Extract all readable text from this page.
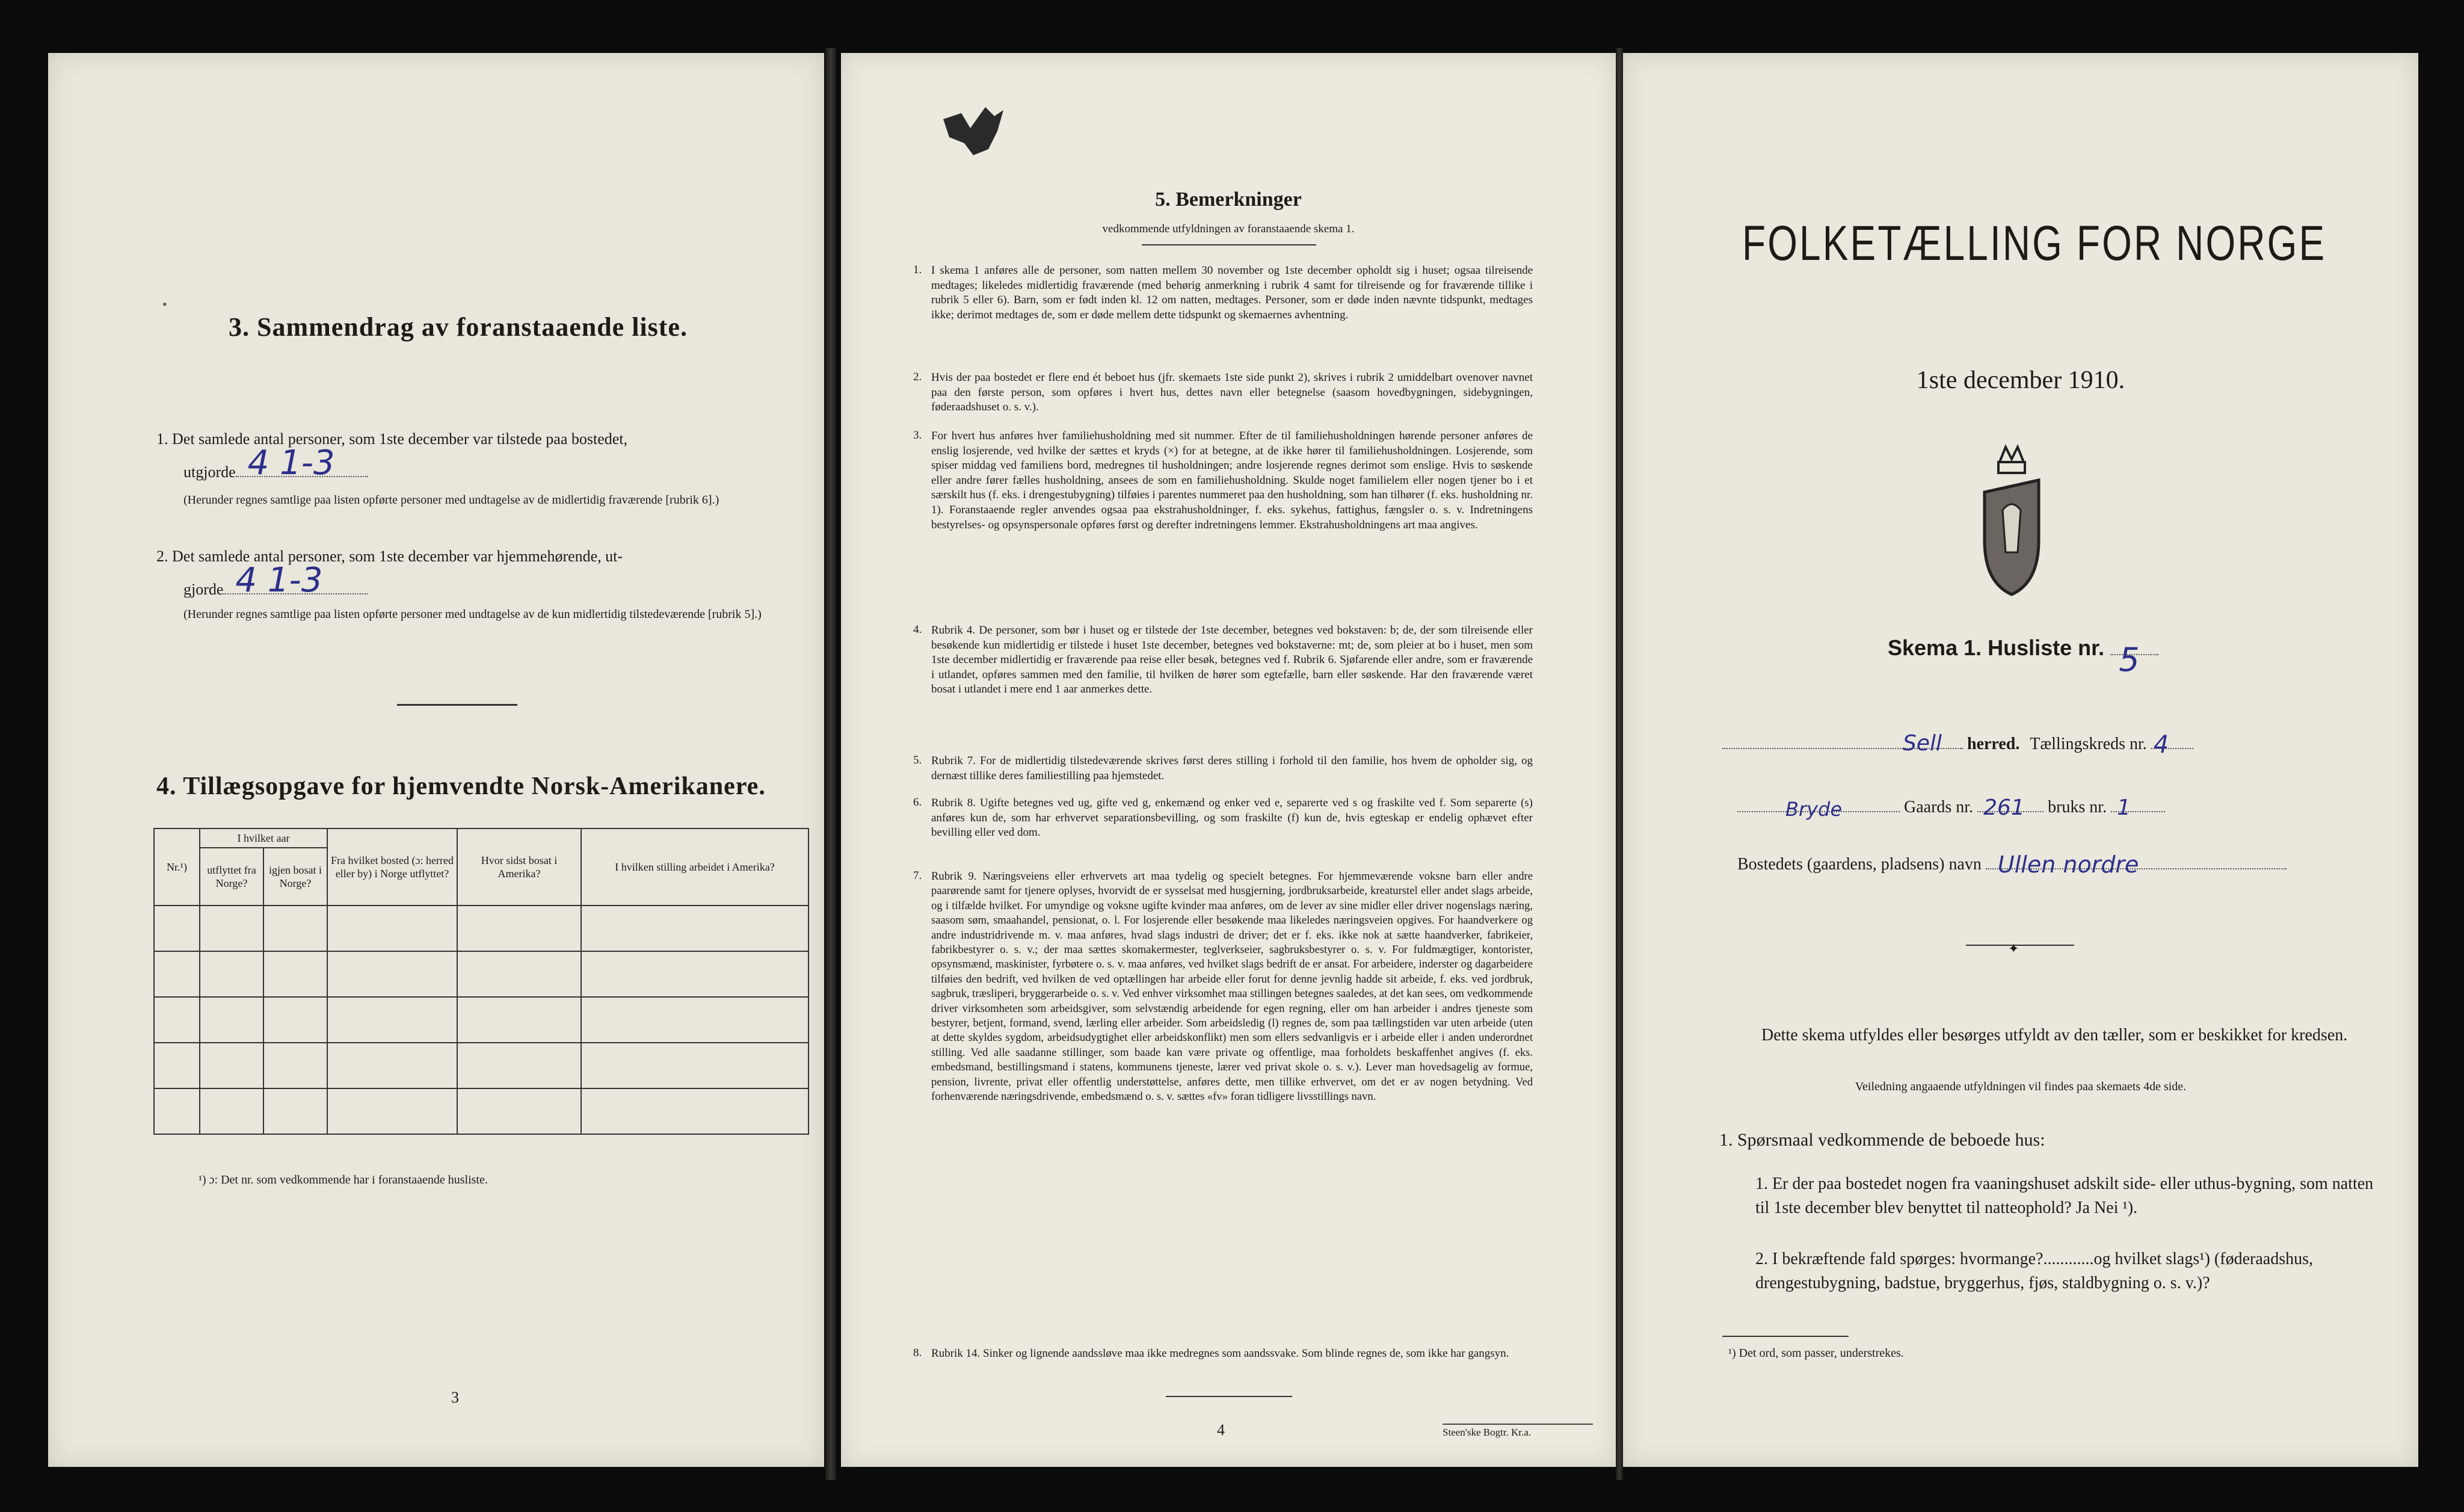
•
3. Sammendrag av foranstaaende liste.
1. Det samlede antal personer, som 1ste december var tilstede paa bostedet,
utgjorde 4 1-3
(Herunder regnes samtlige paa listen opførte personer med undtagelse av de midlertidig fraværende [rubrik 6].)
2. Det samlede antal personer, som 1ste december var hjemmehørende, ut-
gjorde 4 1-3
(Herunder regnes samtlige paa listen opførte personer med undtagelse av de kun midlertidig tilstedeværende [rubrik 5].)
4. Tillægsopgave for hjemvendte Norsk-Amerikanere.
Nr.¹)	I hvilket aar		Fra hvilket bosted (ɔ: herred eller by) i Norge utflyttet?	Hvor sidst bosat i Amerika?	I hvilken stilling arbeidet i Amerika?
	utflyttet fra Norge?	igjen bosat i Norge?			

¹) ɔ: Det nr. som vedkommende har i foranstaaende husliste.
3
5. Bemerkninger
vedkommende utfyldningen av foranstaaende skema 1.
1. I skema 1 anføres alle de personer, som natten mellem 30 november og 1ste december opholdt sig i huset; ogsaa tilreisende medtages; likeledes midlertidig fraværende (med behørig anmerkning i rubrik 4 samt for tilreisende og for fraværende tillike i rubrik 5 eller 6). Barn, som er født inden kl. 12 om natten, medtages. Personer, som er døde inden nævnte tidspunkt, medtages ikke; derimot medtages de, som er døde mellem dette tidspunkt og skemaernes avhentning.
2. Hvis der paa bostedet er flere end ét beboet hus (jfr. skemaets 1ste side punkt 2), skrives i rubrik 2 umiddelbart ovenover navnet paa den første person, som opføres i hvert hus, dettes navn eller betegnelse (saasom hovedbygningen, sidebygningen, føderaadshuset o. s. v.).
3. For hvert hus anføres hver familiehusholdning med sit nummer. Efter de til familiehusholdningen hørende personer anføres de enslig losjerende, ved hvilke der sættes et kryds (×) for at betegne, at de ikke hører til familiehusholdningen. Losjerende, som spiser middag ved familiens bord, medregnes til husholdningen; andre losjerende regnes derimot som enslige. Hvis to søskende eller andre fører fælles husholdning, ansees de som en familiehusholdning. Skulde noget familielem eller nogen tjener bo i et særskilt hus (f. eks. i drengestubygning) tilføies i parentes nummeret paa den husholdning, som han tilhører (f. eks. husholdning nr. 1). Foranstaaende regler anvendes ogsaa paa ekstrahusholdninger, f. eks. sykehus, fattighus, fængsler o. s. v. Indretningens bestyrelses- og opsynspersonale opføres først og derefter indretningens lemmer. Ekstrahusholdningens art maa angives.
4. Rubrik 4. De personer, som bør i huset og er tilstede der 1ste december, betegnes ved bokstaven: b; de, der som tilreisende eller besøkende kun midlertidig er tilstede i huset 1ste december, betegnes ved bokstaverne: mt; de, som pleier at bo i huset, men som 1ste december midlertidig er fraværende paa reise eller besøk, betegnes ved f. Rubrik 6. Sjøfarende eller andre, som er fraværende i utlandet, opføres sammen med den familie, til hvilken de hører som egtefælle, barn eller søskende. Har den fraværende været bosat i utlandet i mere end 1 aar anmerkes dette.
5. Rubrik 7. For de midlertidig tilstedeværende skrives først deres stilling i forhold til den familie, hos hvem de opholder sig, og dernæst tillike deres familiestilling paa hjemstedet.
6. Rubrik 8. Ugifte betegnes ved ug, gifte ved g, enkemænd og enker ved e, separerte ved s og fraskilte ved f. Som separerte (s) anføres kun de, som har erhvervet separationsbevilling, og som fraskilte (f) kun de, hvis egteskap er endelig ophævet efter bevilling eller ved dom.
7. Rubrik 9. Næringsveiens eller erhvervets art maa tydelig og specielt betegnes. For hjemmeværende voksne barn eller andre paarørende samt for tjenere oplyses, hvorvidt de er sysselsat med husgjerning, jordbruksarbeide, kreaturstel eller andet slags arbeide, og i tilfælde hvilket. For umyndige og voksne ugifte kvinder maa anføres, om de lever av sine midler eller driver nogenslags næring, saasom søm, smaahandel, pensionat, o. l. For losjerende eller besøkende maa likeledes næringsveien opgives. For haandverkere og andre industridrivende m. v. maa anføres, hvad slags industri de driver; det er f. eks. ikke nok at sætte haandverker, fabrikeier, fabrikbestyrer o. s. v.; der maa sættes skomakermester, teglverkseier, sagbruksbestyrer o. s. v. For fuldmægtiger, kontorister, opsynsmænd, maskinister, fyrbøtere o. s. v. maa anføres, ved hvilket slags bedrift de er ansat. For arbeidere, inderster og dagarbeidere tilføies den bedrift, ved hvilken de ved optællingen har arbeide eller forut for denne jevnlig hadde sit arbeide, f. eks. ved jordbruk, sagbruk, træsliperi, bryggerarbeide o. s. v. Ved enhver virksomhet maa stillingen betegnes saaledes, at det kan sees, om vedkommende driver virksomheten som arbeidsgiver, som selvstændig arbeidende for egen regning, eller om han arbeider i andres tjeneste som bestyrer, betjent, formand, svend, lærling eller arbeider. Som arbeidsledig (l) regnes de, som paa tællingstiden var uten arbeide (uten at dette skyldes sygdom, arbeidsudygtighet eller arbeidskonflikt) men som ellers sedvanligvis er i arbeide eller i anden underordnet stilling. Ved alle saadanne stillinger, som baade kan være private og offentlige, maa forholdets beskaffenhet angives (f. eks. embedsmand, bestillingsmand i statens, kommunens tjeneste, lærer ved privat skole o. s. v.). Lever man hovedsagelig av formue, pension, livrente, privat eller offentlig understøttelse, anføres dette, men tillike erhvervet, om det er av nogen betydning. Ved forhenværende næringsdrivende, embedsmænd o. s. v. sættes «fv» foran tidligere livsstillings navn.
8. Rubrik 14. Sinker og lignende aandssløve maa ikke medregnes som aandssvake. Som blinde regnes de, som ikke har gangsyn.
4	Steen'ske Bogtr. Kr.a.
FOLKETÆLLING FOR NORGE
1ste december 1910.
Skema 1. Husliste nr. 5
Sell herred. Tællingskreds nr. 4
Bryde	Gaards nr. 261 bruks nr. 1
Bostedets (gaardens, pladsens) navn Ullen nordre
✦
Dette skema utfyldes eller besørges utfyldt av den tæller, som er beskikket for kredsen.
Veiledning angaaende utfyldningen vil findes paa skemaets 4de side.
1. Spørsmaal vedkommende de beboede hus:
1. Er der paa bostedet nogen fra vaaningshuset adskilt side- eller uthus-bygning, som natten til 1ste december blev benyttet til natteophold? Ja Nei ¹).
2. I bekræftende fald spørges: hvormange?............og hvilket slags¹) (føderaadshus, drengestubygning, badstue, bryggerhus, fjøs, staldbygning o. s. v.)?
¹) Det ord, som passer, understrekes.
